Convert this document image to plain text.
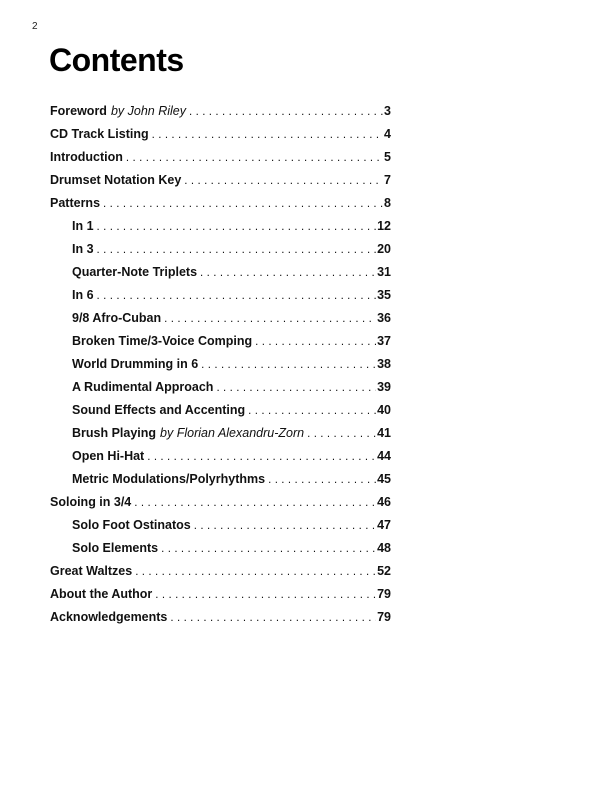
2
Contents
Foreword by John Riley .....	3
CD Track Listing .....	4
Introduction .....	5
Drumset Notation Key .....	7
Patterns .....	8
In 1 .....	12
In 3 .....	20
Quarter-Note Triplets .....	31
In 6 .....	35
9/8 Afro-Cuban .....	36
Broken Time/3-Voice Comping .....	37
World Drumming in 6 .....	38
A Rudimental Approach .....	39
Sound Effects and Accenting .....	40
Brush Playing by Florian Alexandru-Zorn .....	41
Open Hi-Hat .....	44
Metric Modulations/Polyrhythms .....	45
Soloing in 3/4 .....	46
Solo Foot Ostinatos .....	47
Solo Elements .....	48
Great Waltzes .....	52
About the Author .....	79
Acknowledgements .....	79
